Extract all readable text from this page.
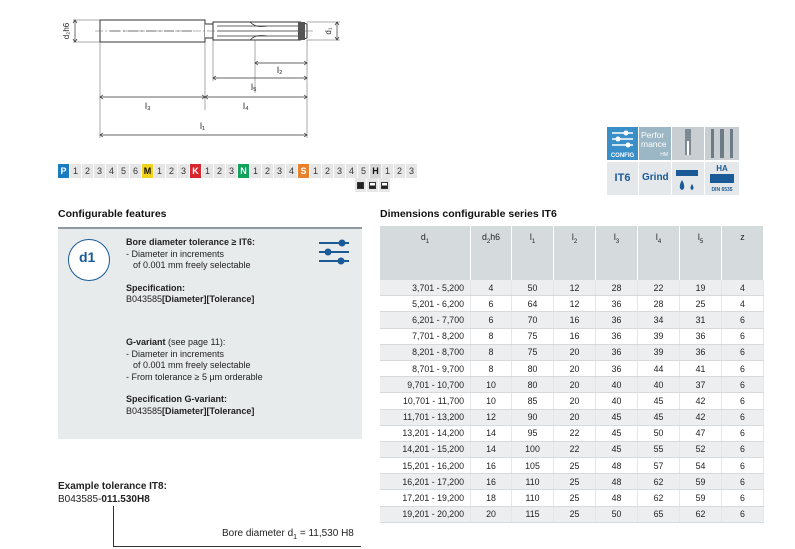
d₂h6	d₁
l₂
l₅
l₃	l₄
l₁
P 1 2 3 4 5 6 M 1 2 3 K 1 2 3 N 1 2 3 4 S 1 2 3 4 5 H 1 2 3
CONFIG
Perfor mance
HM
IT6	Grind
HA
DIN 6535
Configurable features	Dimensions configurable series IT6
d1
Bore diameter tolerance ≥ IT6:
- Diameter in increments
of 0.001 mm freely selectable
Specification:
B043585[Diameter][Tolerance]
G-variant (see page 11):
- Diameter in increments
of 0.001 mm freely selectable
- From tolerance ≥ 5 μm orderable
Specification G-variant:
B043585[Diameter][Tolerance]
Example tolerance IT8:
B043585-011.530H8
Bore diameter $d_1 = 11,530$ H8
$d_1$	$d_2h6$	$l_1$	$l_2$	$l_3$	$l_4$	$l_5$	z
3,701 - 5,200	4	50	12	28	22	19	4
5,201 - 6,200	6	64	12	36	28	25	4
6,201 - 7,700	6	70	16	36	34	31	6
7,701 - 8,200	8	75	16	36	39	36	6
8,201 - 8,700	8	75	20	36	39	36	6
8,701 - 9,700	8	80	20	36	44	41	6
9,701 - 10,700	10	80	20	40	40	37	6
10,701 - 11,700	10	85	20	40	45	42	6
11,701 - 13,200	12	90	20	45	45	42	6
13,201 - 14,200	14	95	22	45	50	47	6
14,201 - 15,200	14	100	22	45	55	52	6
15,201 - 16,200	16	105	25	48	57	54	6
16,201 - 17,200	16	110	25	48	62	59	6
17,201 - 19,200	18	110	25	48	62	59	6
19,201 - 20,200	20	115	25	50	65	62	6
